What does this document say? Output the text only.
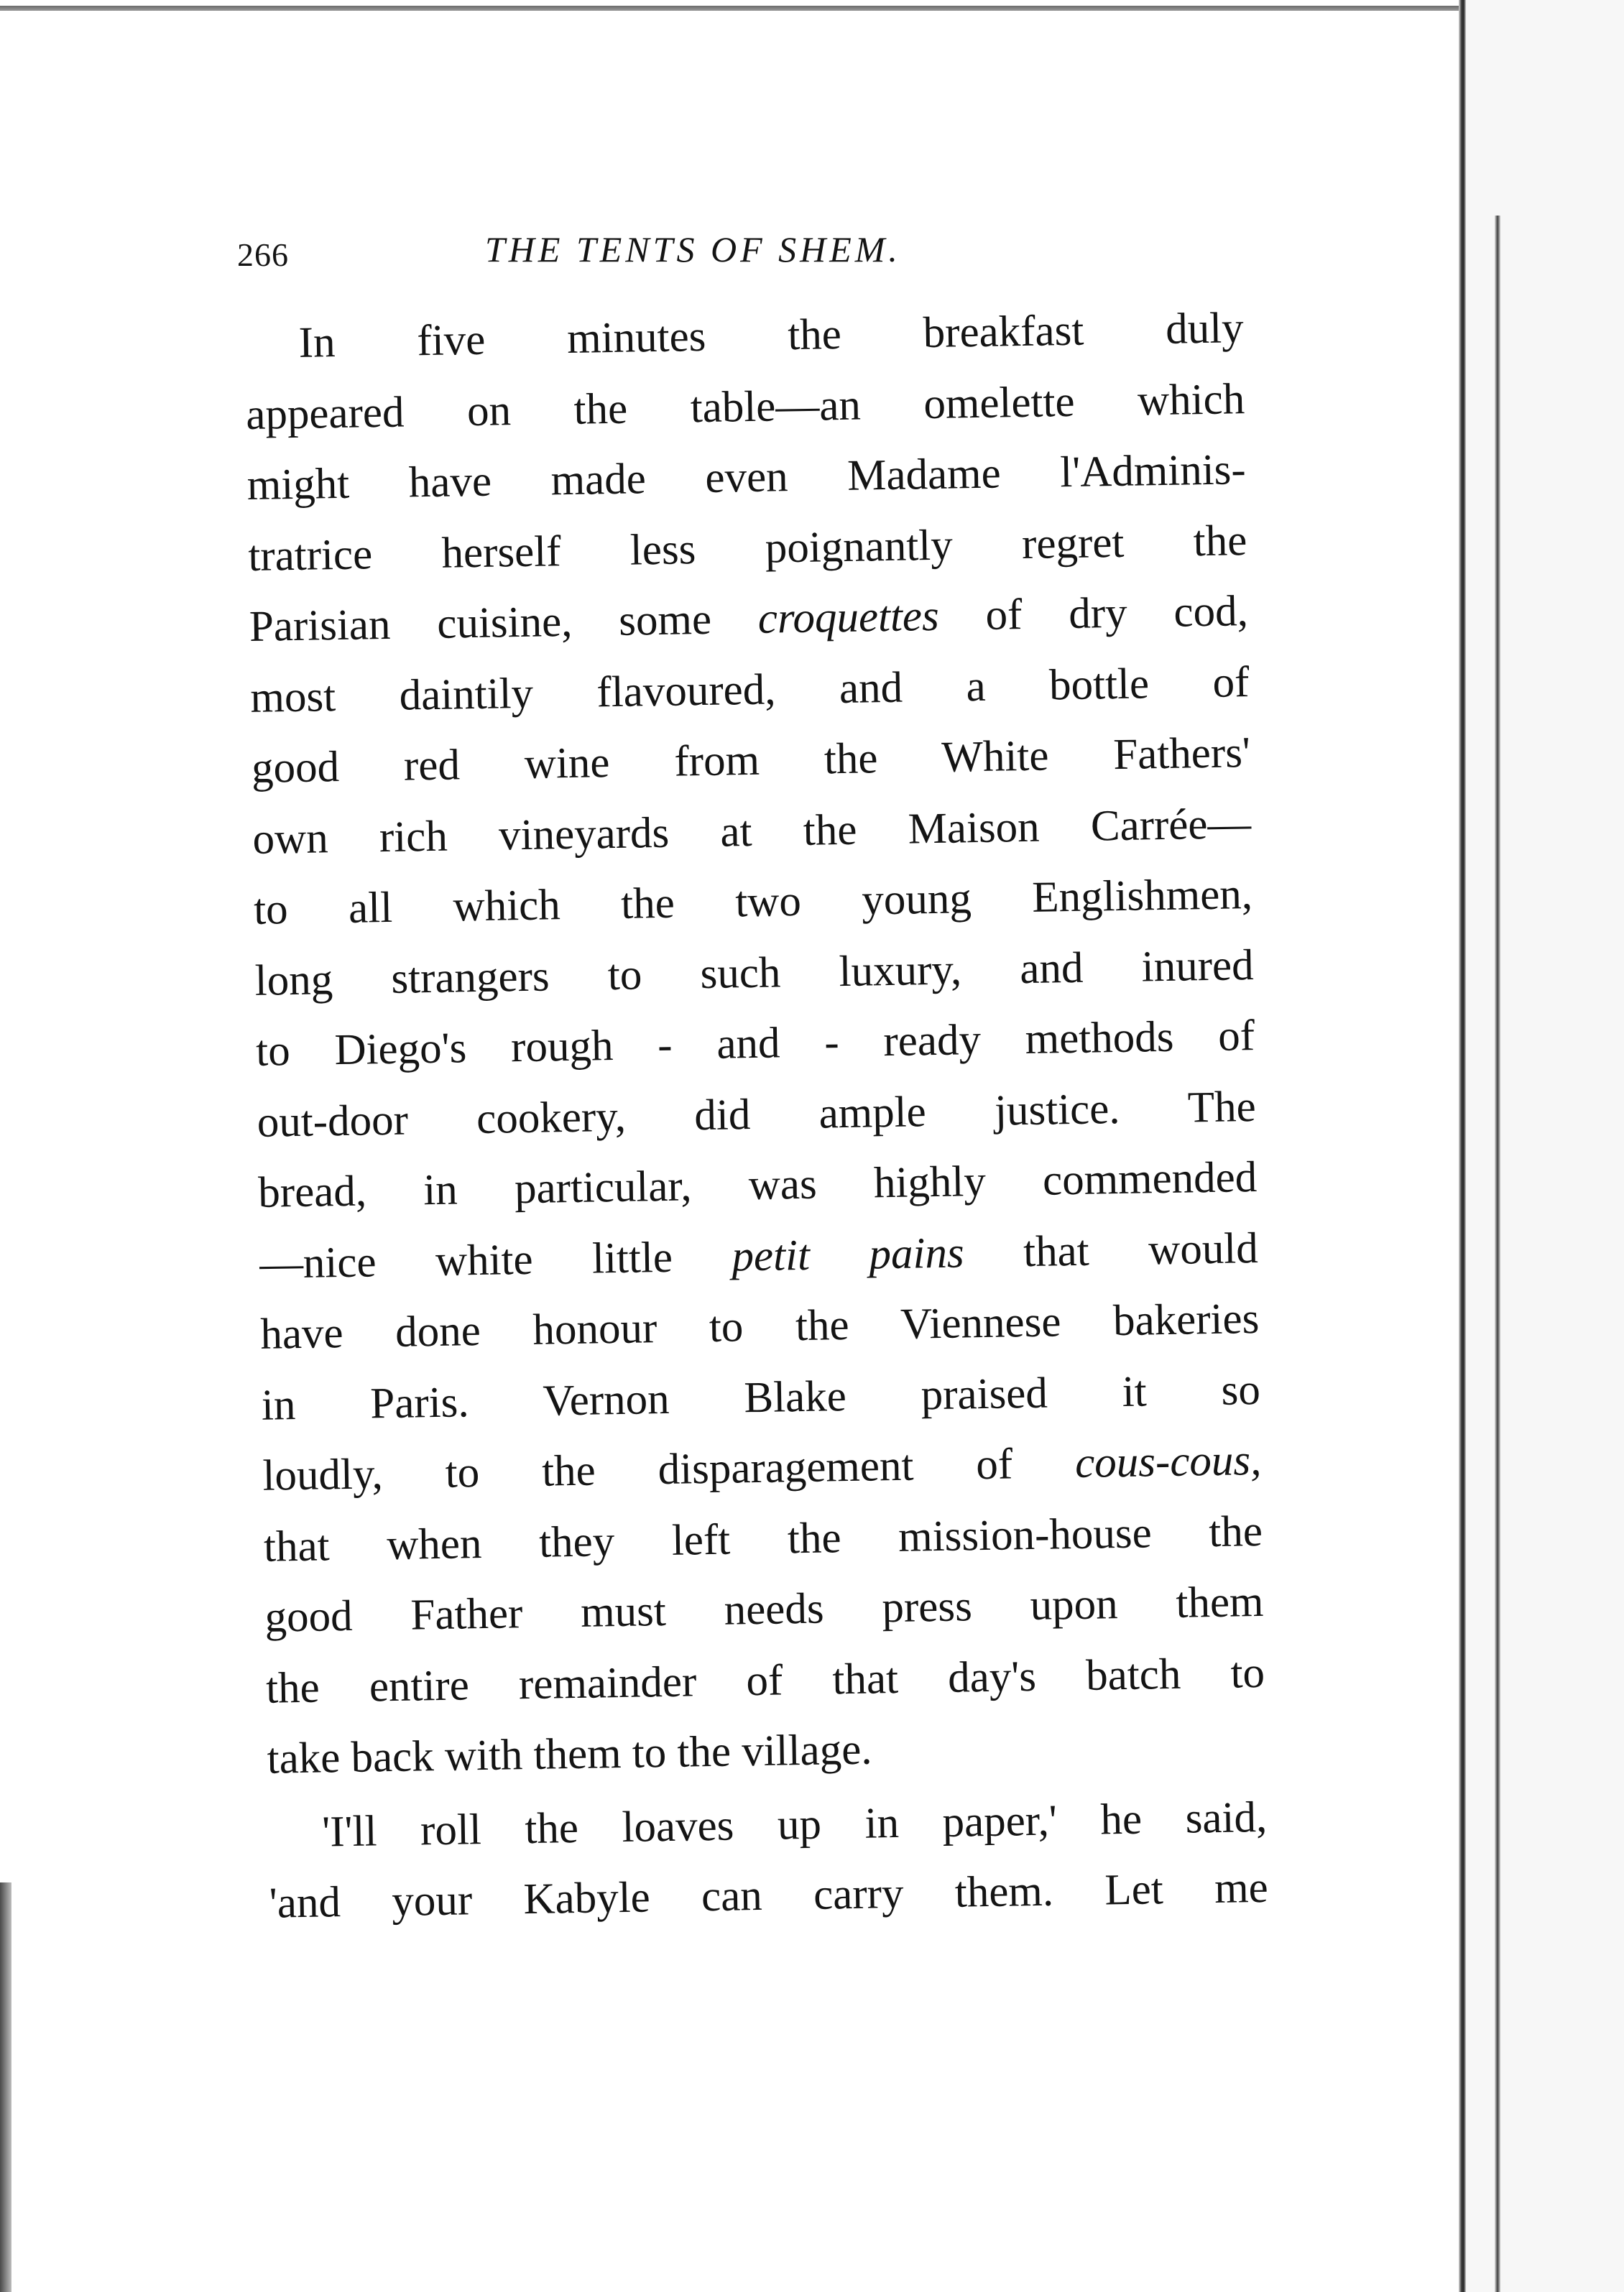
266	THE TENTS OF SHEM.
In five minutes the breakfast duly
appeared on the table—an omelette which
might have made even Madame l'Adminis-
tratrice herself less poignantly regret the
Parisian cuisine, some croquettes of dry cod,
most daintily flavoured, and a bottle of
good red wine from the White Fathers'
own rich vineyards at the Maison Carrée—
to all which the two young Englishmen,
long strangers to such luxury, and inured
to Diego's rough - and - ready methods of
out-door cookery, did ample justice. The
bread, in particular, was highly commended
—nice white little petit pains that would
have done honour to the Viennese bakeries
in Paris. Vernon Blake praised it so
loudly, to the disparagement of cous-cous,
that when they left the mission-house the
good Father must needs press upon them
the entire remainder of that day's batch to
take back with them to the village.
'I'll roll the loaves up in paper,' he said,
'and your Kabyle can carry them. Let me
